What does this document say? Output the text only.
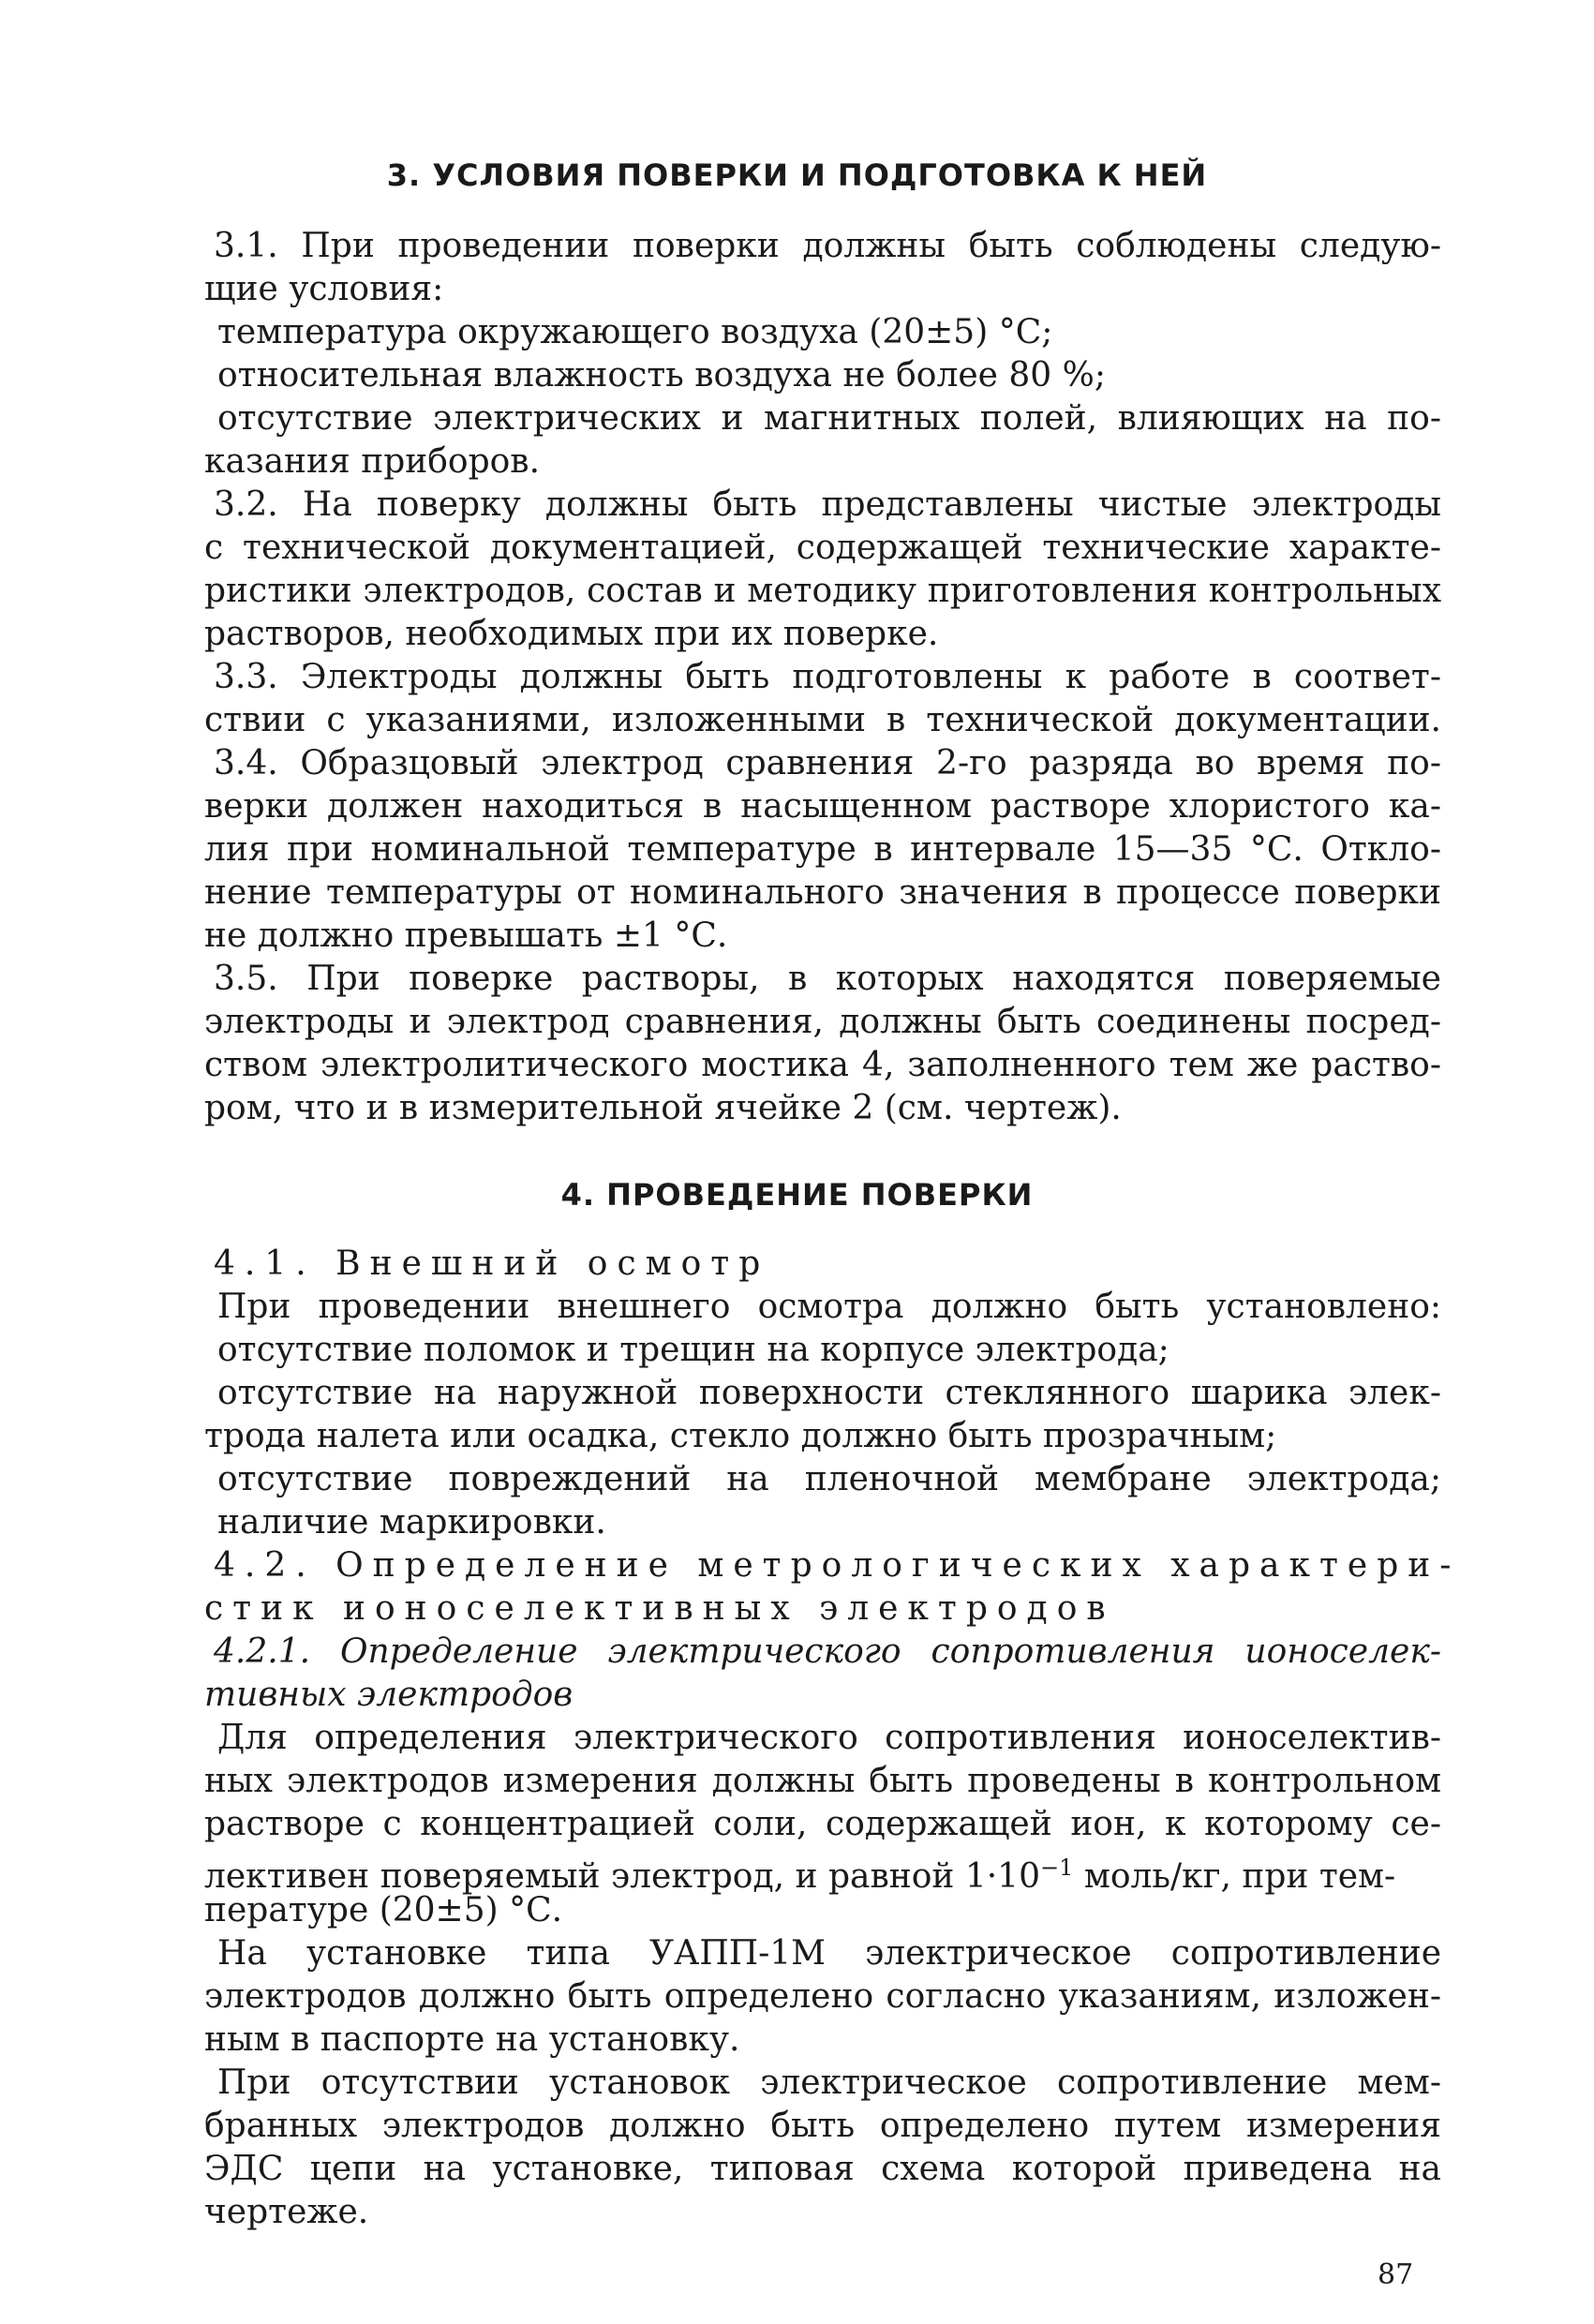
3. УСЛОВИЯ ПОВЕРКИ И ПОДГОТОВКА К НЕЙ
3.1. При проведении поверки должны быть соблюдены следую-
щие условия:
температура окружающего воздуха (20±5) °С;
относительная влажность воздуха не более 80 %;
отсутствие электрических и магнитных полей, влияющих на по-
казания приборов.
3.2. На поверку должны быть представлены чистые электроды
с технической документацией, содержащей технические характе-
ристики электродов, состав и методику приготовления контрольных
растворов, необходимых при их поверке.
3.3. Электроды должны быть подготовлены к работе в соответ-
ствии с указаниями, изложенными в технической документации.
3.4. Образцовый электрод сравнения 2-го разряда во время по-
верки должен находиться в насыщенном растворе хлористого ка-
лия при номинальной температуре в интервале 15—35 °С. Откло-
нение температуры от номинального значения в процессе поверки
не должно превышать ±1 °С.
3.5. При поверке растворы, в которых находятся поверяемые
электроды и электрод сравнения, должны быть соединены посред-
ством электролитического мостика 4, заполненного тем же раство-
ром, что и в измерительной ячейке 2 (см. чертеж).
4. ПРОВЕДЕНИЕ ПОВЕРКИ
4.1. Внешний осмотр
При проведении внешнего осмотра должно быть установлено:
отсутствие поломок и трещин на корпусе электрода;
отсутствие на наружной поверхности стеклянного шарика элек-
трода налета или осадка, стекло должно быть прозрачным;
отсутствие повреждений на пленочной мембране электрода;
наличие маркировки.
4.2. Определение метрологических характери-
стик ионоселективных электродов
4.2.1. Определение электрического сопротивления ионоселек-
тивных электродов
Для определения электрического сопротивления ионоселектив-
ных электродов измерения должны быть проведены в контрольном
растворе с концентрацией соли, содержащей ион, к которому се-
лективен поверяемый электрод, и равной $1\cdot 10^{-1}$ моль/кг, при тем-
пературе (20±5) °С.
На установке типа УАПП-1М электрическое сопротивление
электродов должно быть определено согласно указаниям, изложен-
ным в паспорте на установку.
При отсутствии установок электрическое сопротивление мем-
бранных электродов должно быть определено путем измерения
ЭДС цепи на установке, типовая схема которой приведена на
чертеже.
87
